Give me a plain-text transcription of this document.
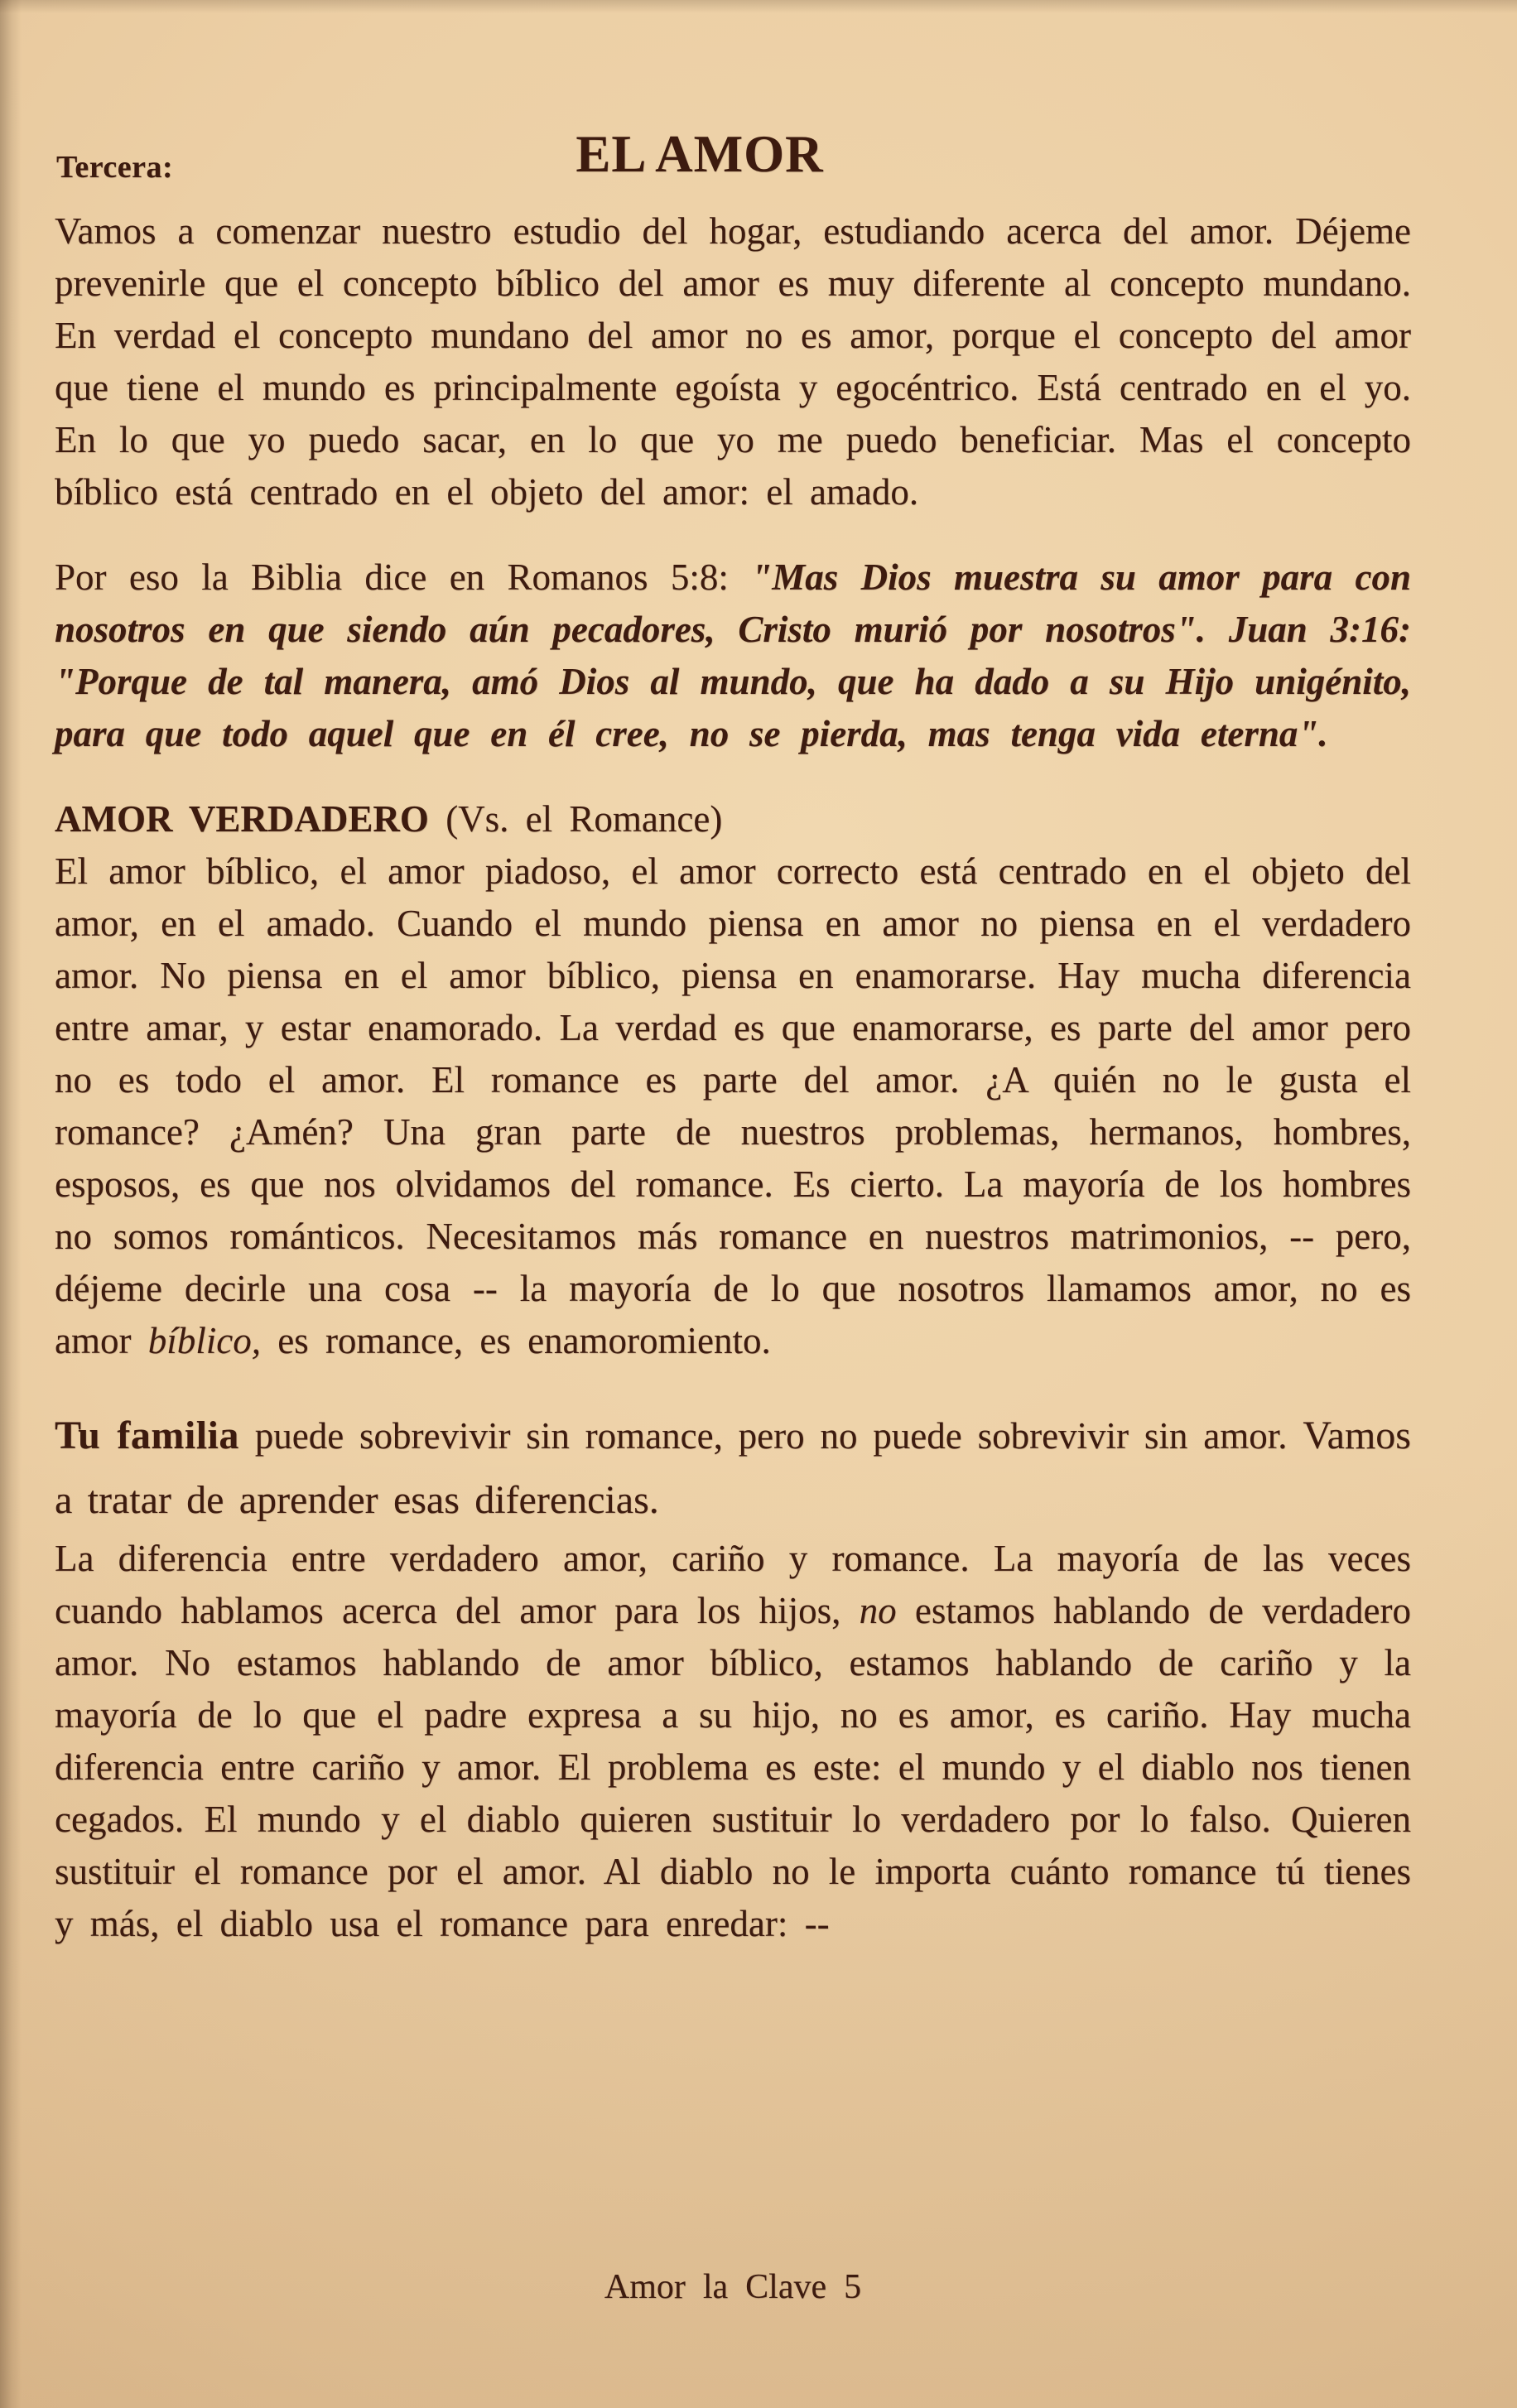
Tercera:	EL AMOR

Vamos a comenzar nuestro estudio del hogar, estudiando acerca del amor. Déjeme prevenirle que el concepto bíblico del amor es muy diferente al concepto mundano. En verdad el concepto mundano del amor no es amor, porque el concepto del amor que tiene el mundo es principalmente egoísta y egocéntrico. Está centrado en el yo. En lo que yo puedo sacar, en lo que yo me puedo beneficiar. Mas el concepto bíblico está centrado en el objeto del amor: el amado.

Por eso la Biblia dice en Romanos 5:8: "Mas Dios muestra su amor para con nosotros en que siendo aún pecadores, Cristo murió por nosotros". Juan 3:16: "Porque de tal manera, amó Dios al mundo, que ha dado a su Hijo unigénito, para que todo aquel que en él cree, no se pierda, mas tenga vida eterna".

AMOR VERDADERO (Vs. el Romance)

El amor bíblico, el amor piadoso, el amor correcto está centrado en el objeto del amor, en el amado. Cuando el mundo piensa en amor no piensa en el verdadero amor. No piensa en el amor bíblico, piensa en enamorarse. Hay mucha diferencia entre amar, y estar enamorado. La verdad es que enamorarse, es parte del amor pero no es todo el amor. El romance es parte del amor. ¿A quién no le gusta el romance? ¿Amén? Una gran parte de nuestros problemas, hermanos, hombres, esposos, es que nos olvidamos del romance. Es cierto. La mayoría de los hombres no somos románticos. Necesitamos más romance en nuestros matrimonios, -- pero, déjeme decirle una cosa -- la mayoría de lo que nosotros llamamos amor, no es amor bíblico, es romance, es enamoromiento.

Tu familia puede sobrevivir sin romance, pero no puede sobrevivir sin amor. Vamos a tratar de aprender esas diferencias.

La diferencia entre verdadero amor, cariño y romance. La mayoría de las veces cuando hablamos acerca del amor para los hijos, no estamos hablando de verdadero amor. No estamos hablando de amor bíblico, estamos hablando de cariño y la mayoría de lo que el padre expresa a su hijo, no es amor, es cariño. Hay mucha diferencia entre cariño y amor. El problema es este: el mundo y el diablo nos tienen cegados. El mundo y el diablo quieren sustituir lo verdadero por lo falso. Quieren sustituir el romance por el amor. Al diablo no le importa cuánto romance tú tienes y más, el diablo usa el romance para enredar: --

Amor la Clave 5
